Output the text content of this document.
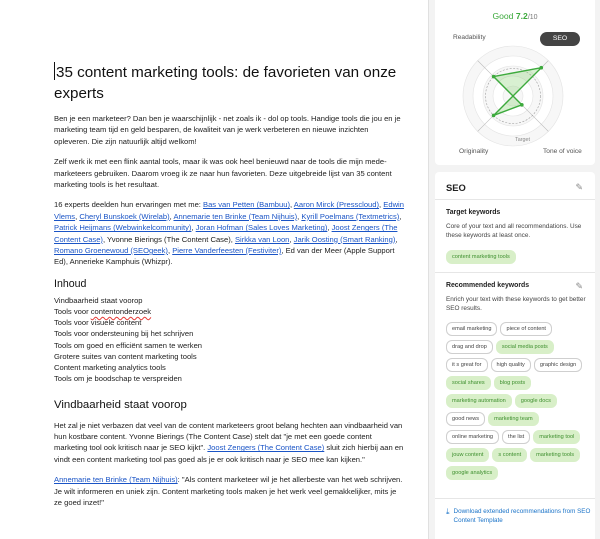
35 content marketing tools: de favorieten van onze experts

Ben je een marketeer? Dan ben je waarschijnlijk - net zoals ik - dol op tools. Handige tools die jou en je marketing team tijd en geld besparen, de kwaliteit van je werk verbeteren en nieuwe inzichten opleveren. Die zijn natuurlijk altijd welkom!

Zelf werk ik met een flink aantal tools, maar ik was ook heel benieuwd naar de tools die mijn mede-marketeers gebruiken. Daarom vroeg ik ze naar hun favorieten. Deze uitgebreide lijst van 35 content marketing tools is het resultaat.

16 experts deelden hun ervaringen met me: Bas van Petten (Bambuu), Aaron Mirck (Presscloud), Edwin Vlems, Cheryl Bunskoek (Wirelab), Annemarie ten Brinke (Team Nijhuis), Kyrill Poelmans (Textmetrics), Patrick Heijmans (Webwinkelcommunity), Joran Hofman (Sales Loves Marketing), Joost Zengers (The Content Case), Yvonne Bierings (The Content Case), Sirkka van Loon, Jarik Oosting (Smart Ranking), Romano Groenewoud (SEOgeek), Pierre Vanderfeesten (Festiviter), Ed van der Meer (Apple Support Ed), Annerieke Kamphuis (Whizpr).

Inhoud
Vindbaarheid staat voorop
Tools voor contentonderzoek
Tools voor visuele content
Tools voor ondersteuning bij het schrijven
Tools om goed en efficiënt samen te werken
Grotere suites van content marketing tools
Content marketing analytics tools
Tools om je boodschap te verspreiden
Vindbaarheid staat voorop

Het zal je niet verbazen dat veel van de content marketeers groot belang hechten aan vindbaarheid van hun kostbare content. Yvonne Bierings (The Content Case) stelt dat "je met een goede content marketing tool ook kritisch naar je SEO kijkt". Joost Zengers (The Content Case) sluit zich hierbij aan en vindt een content marketing tool pas goed als je er ook kritisch naar je SEO mee kan kijken."

Annemarie ten Brinke (Team Nijhuis): "Als content marketeer wil je het allerbeste van het web schrijven. Je wilt informeren en uniek zijn. Content marketing tools maken je het werk veel gemakkelijker, mits je ze goed inzet!"

Good 7.2/10
Readability	SEO
Originality	Tone of voice
Target
SEO	✎
Target keywords
Core of your text and all recommendations. Use these keywords at least once.
content marketing tools
Recommended keywords	✎
Enrich your text with these keywords to get better SEO results.
email marketing	piece of content
drag and drop	social media posts
it s great for	high quality	graphic design
social shares	blog posts
marketing automation	google docs
good news	marketing team
online marketing	the list	marketing tool
jouw content	s content	marketing tools
google analytics
⤓ Download extended recommendations from SEO Content Template
